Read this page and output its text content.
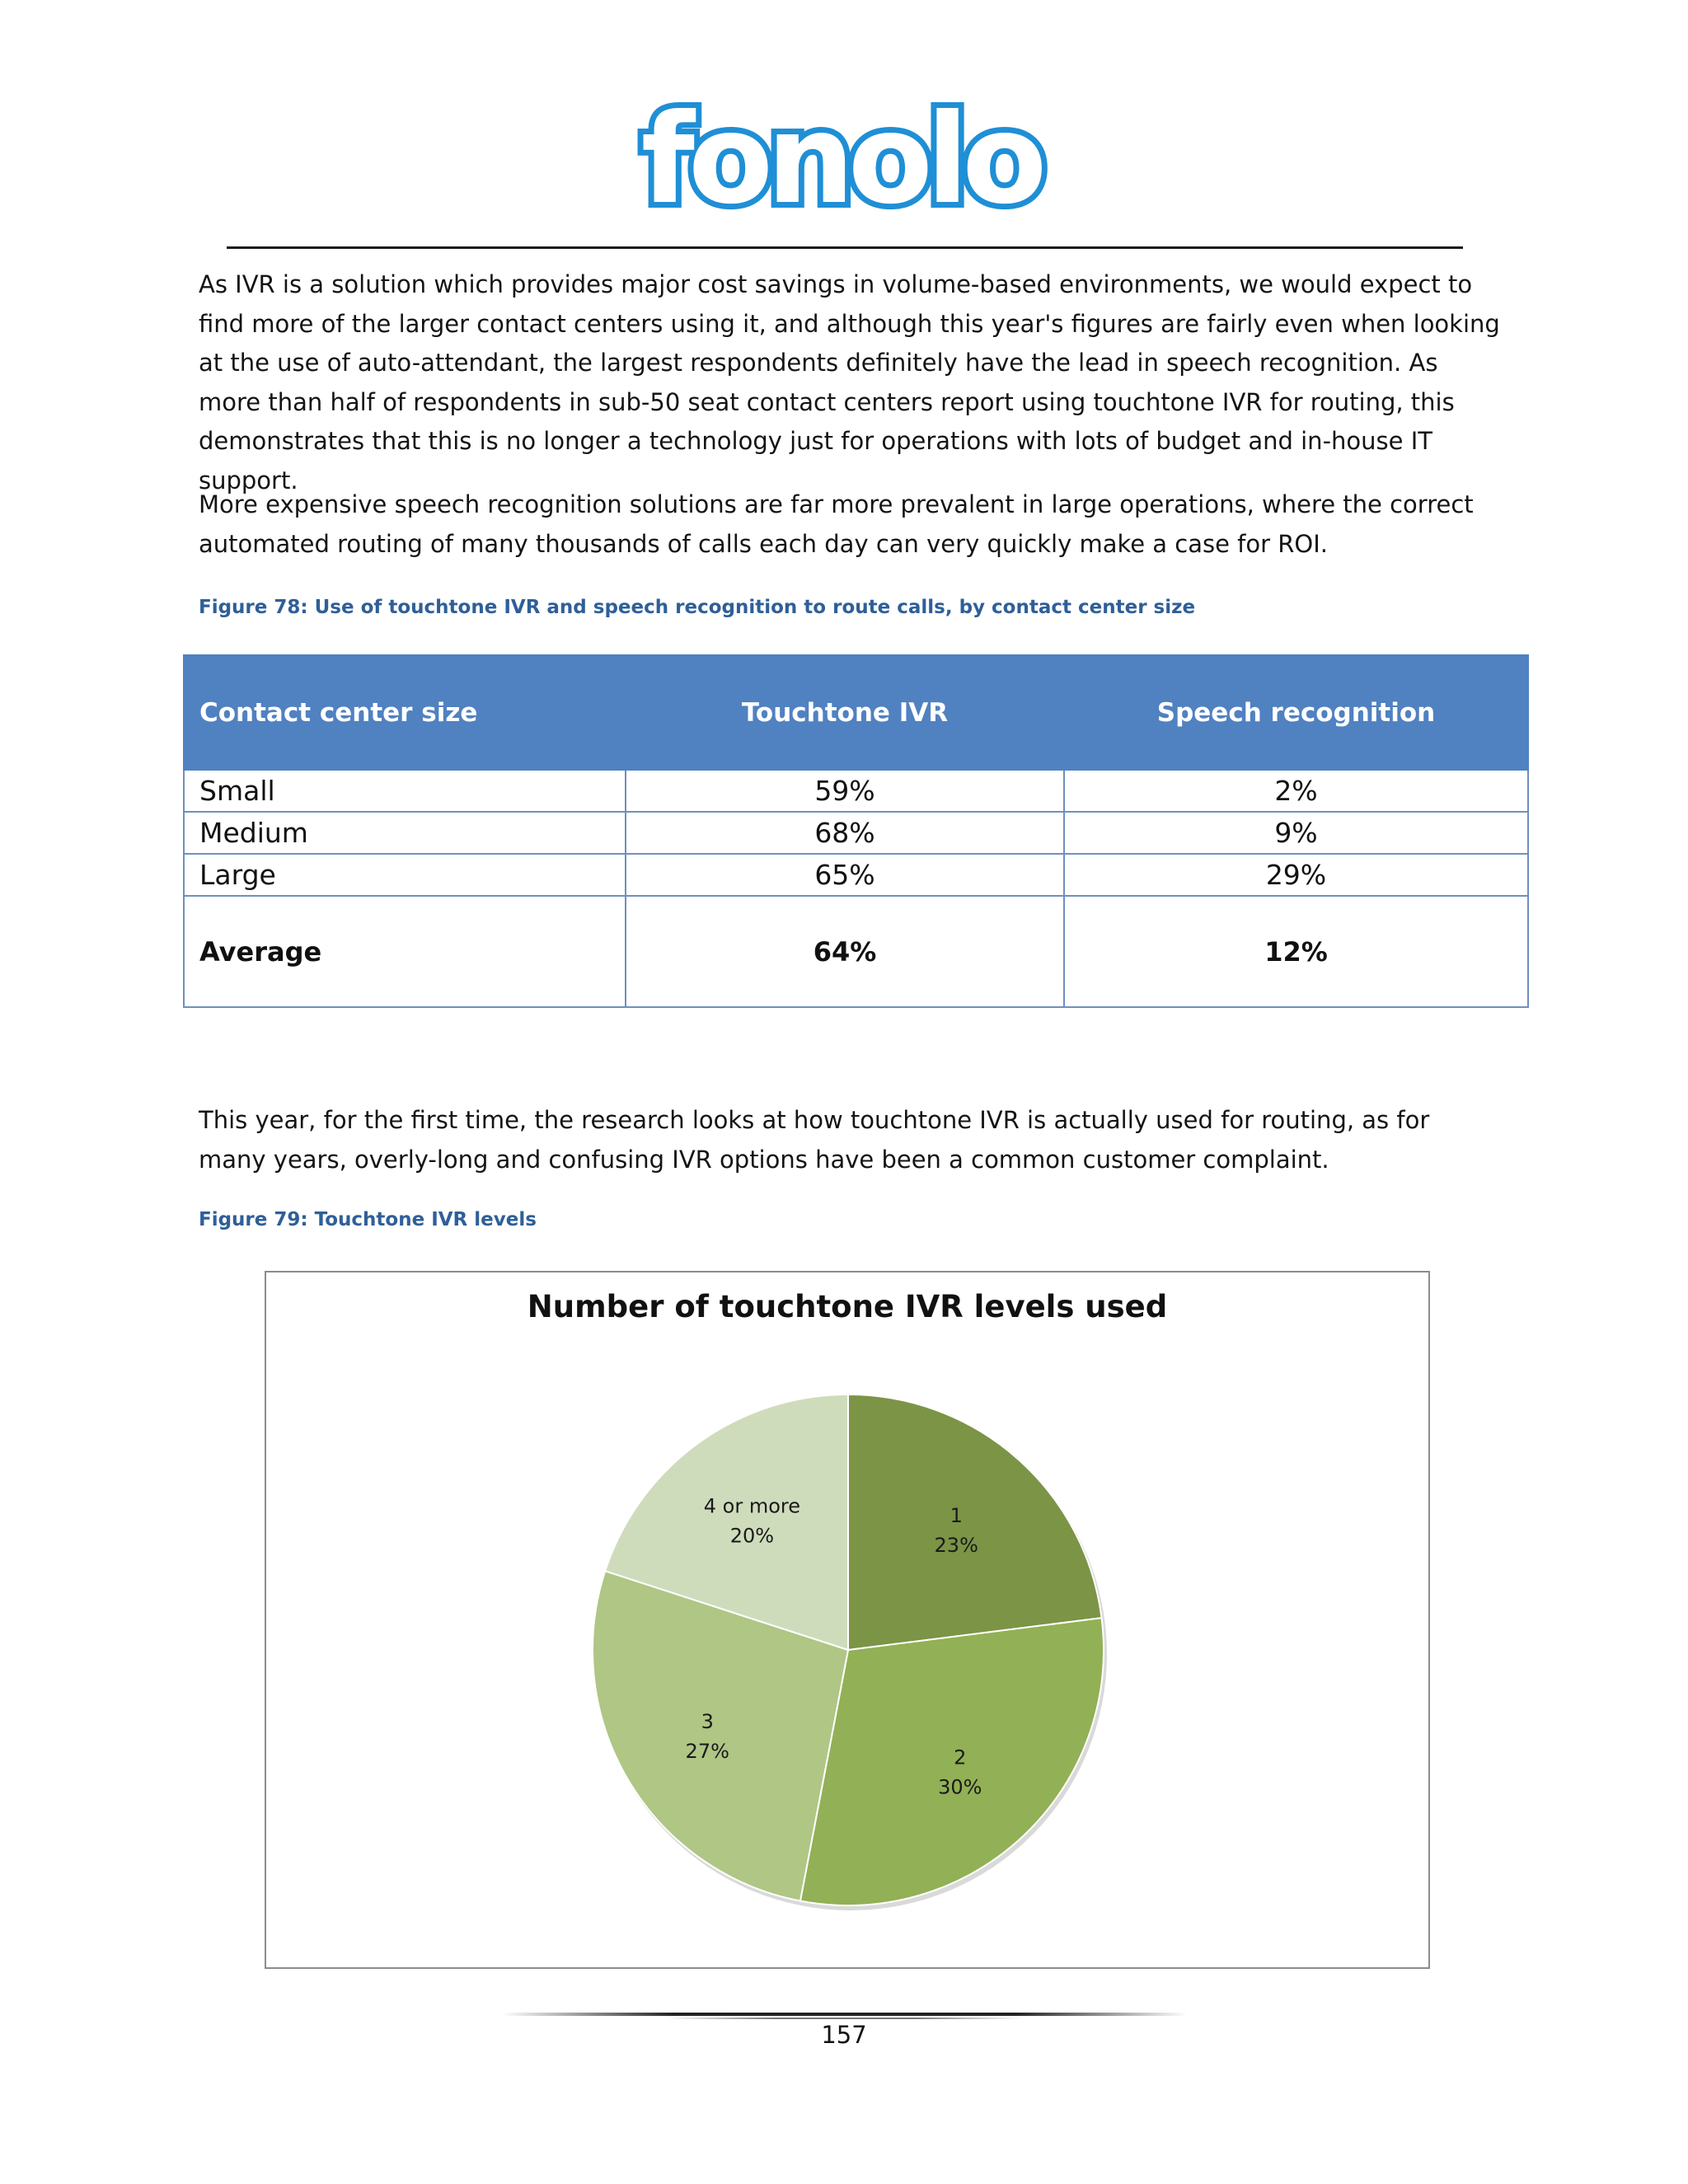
fonolo

As IVR is a solution which provides major cost savings in volume-based environments, we would expect to find more of the larger contact centers using it, and although this year's figures are fairly even when looking at the use of auto-attendant, the largest respondents definitely have the lead in speech recognition. As more than half of respondents in sub-50 seat contact centers report using touchtone IVR for routing, this demonstrates that this is no longer a technology just for operations with lots of budget and in-house IT support.

More expensive speech recognition solutions are far more prevalent in large operations, where the correct automated routing of many thousands of calls each day can very quickly make a case for ROI.

Figure 78: Use of touchtone IVR and speech recognition to route calls, by contact center size

Contact center size	Touchtone IVR	Speech recognition
Small	59%	2%
Medium	68%	9%
Large	65%	29%
Average	64%	12%

This year, for the first time, the research looks at how touchtone IVR is actually used for routing, as for many years, overly-long and confusing IVR options have been a common customer complaint.

Figure 79: Touchtone IVR levels

Number of touchtone IVR levels used
1 23%
2 30%
3 27%
4 or more 20%
157
